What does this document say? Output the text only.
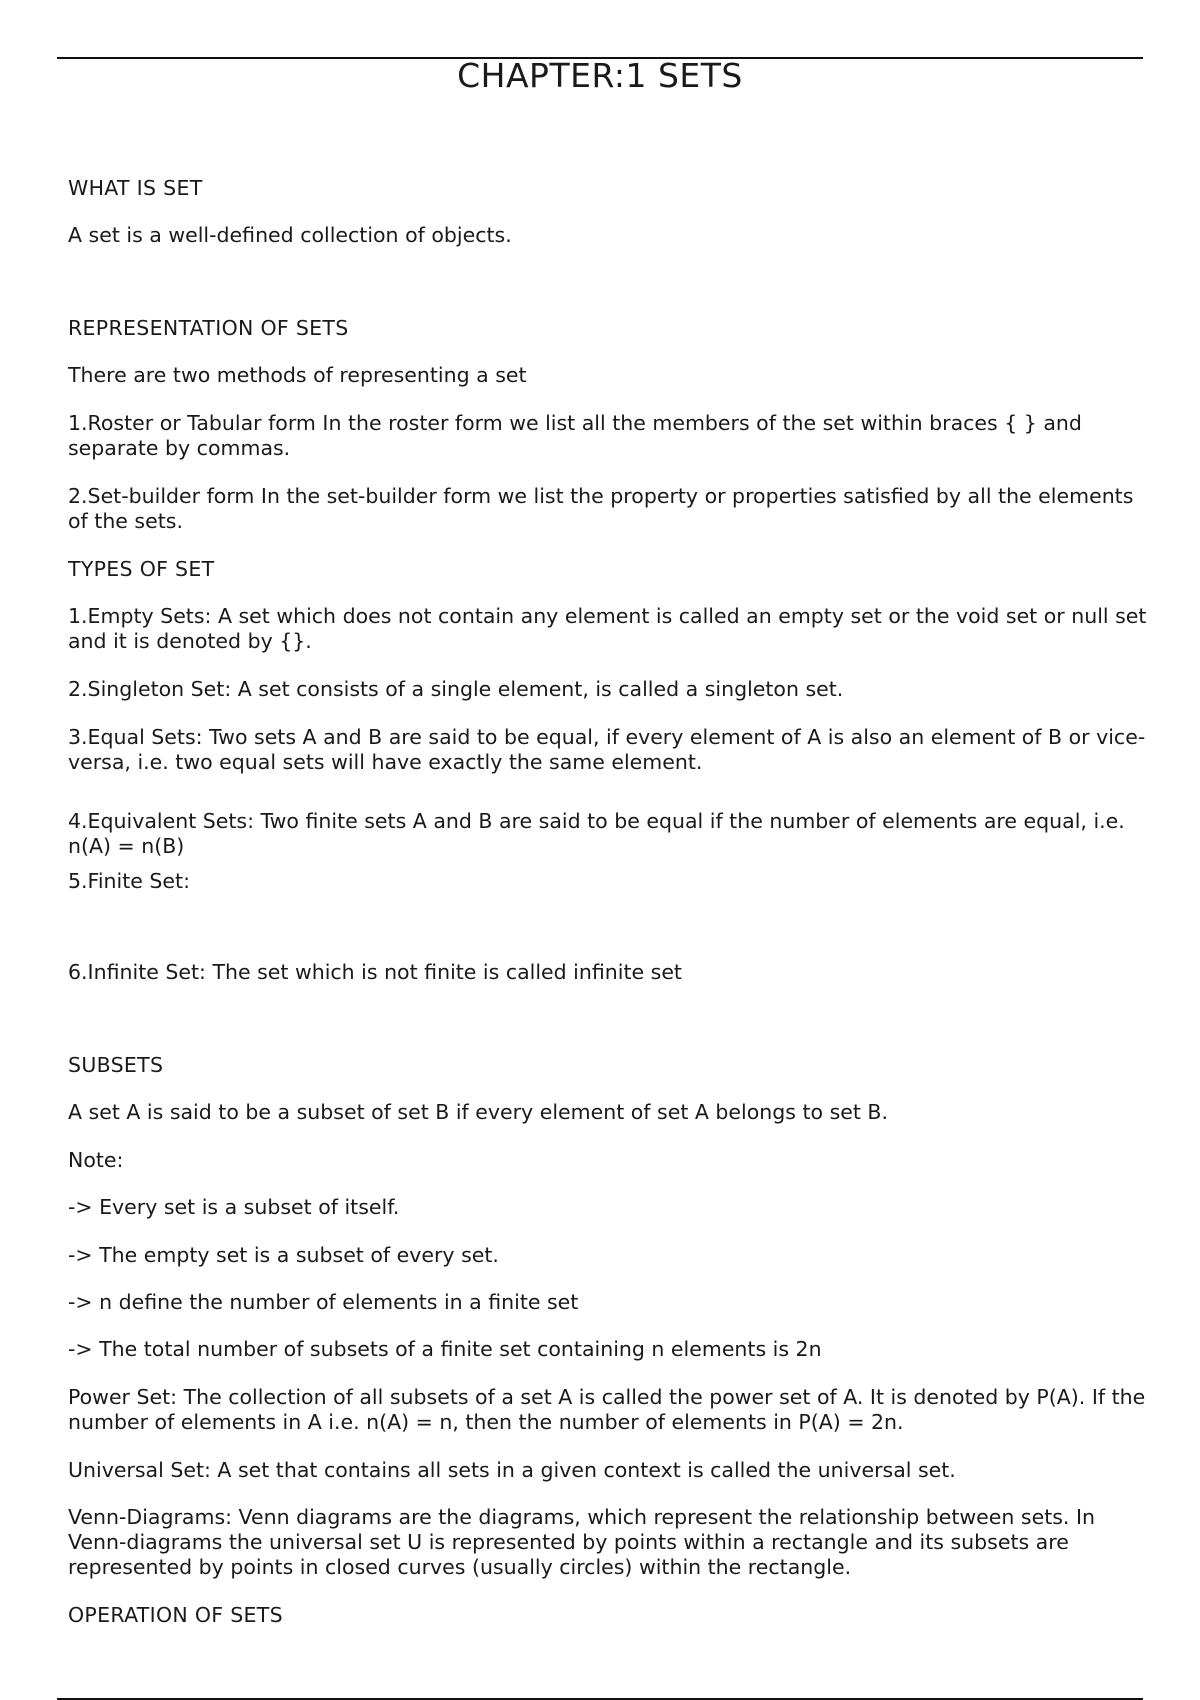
CHAPTER:1 SETS

WHAT IS SET

A set is a well-defined collection of objects.

REPRESENTATION OF SETS

There are two methods of representing a set

1.Roster or Tabular form In the roster form we list all the members of the set within braces { } and separate by commas.

2.Set-builder form In the set-builder form we list the property or properties satisfied by all the elements of the sets.

TYPES OF SET

1.Empty Sets: A set which does not contain any element is called an empty set or the void set or null set and it is denoted by {}.

2.Singleton Set: A set consists of a single element, is called a singleton set.

3.Equal Sets: Two sets A and B are said to be equal, if every element of A is also an element of B or vice-versa, i.e. two equal sets will have exactly the same element.

4.Equivalent Sets: Two finite sets A and B are said to be equal if the number of elements are equal, i.e. n(A) = n(B)

5.Finite Set:

6.Infinite Set: The set which is not finite is called infinite set

SUBSETS

A set A is said to be a subset of set B if every element of set A belongs to set B.

Note:

-> Every set is a subset of itself.

-> The empty set is a subset of every set.

-> n define the number of elements in a finite set

-> The total number of subsets of a finite set containing n elements is 2n

Power Set: The collection of all subsets of a set A is called the power set of A. It is denoted by P(A). If the number of elements in A i.e. n(A) = n, then the number of elements in P(A) = 2n.

Universal Set: A set that contains all sets in a given context is called the universal set.

Venn-Diagrams: Venn diagrams are the diagrams, which represent the relationship between sets. In Venn-diagrams the universal set U is represented by points within a rectangle and its subsets are represented by points in closed curves (usually circles) within the rectangle.

OPERATION OF SETS
